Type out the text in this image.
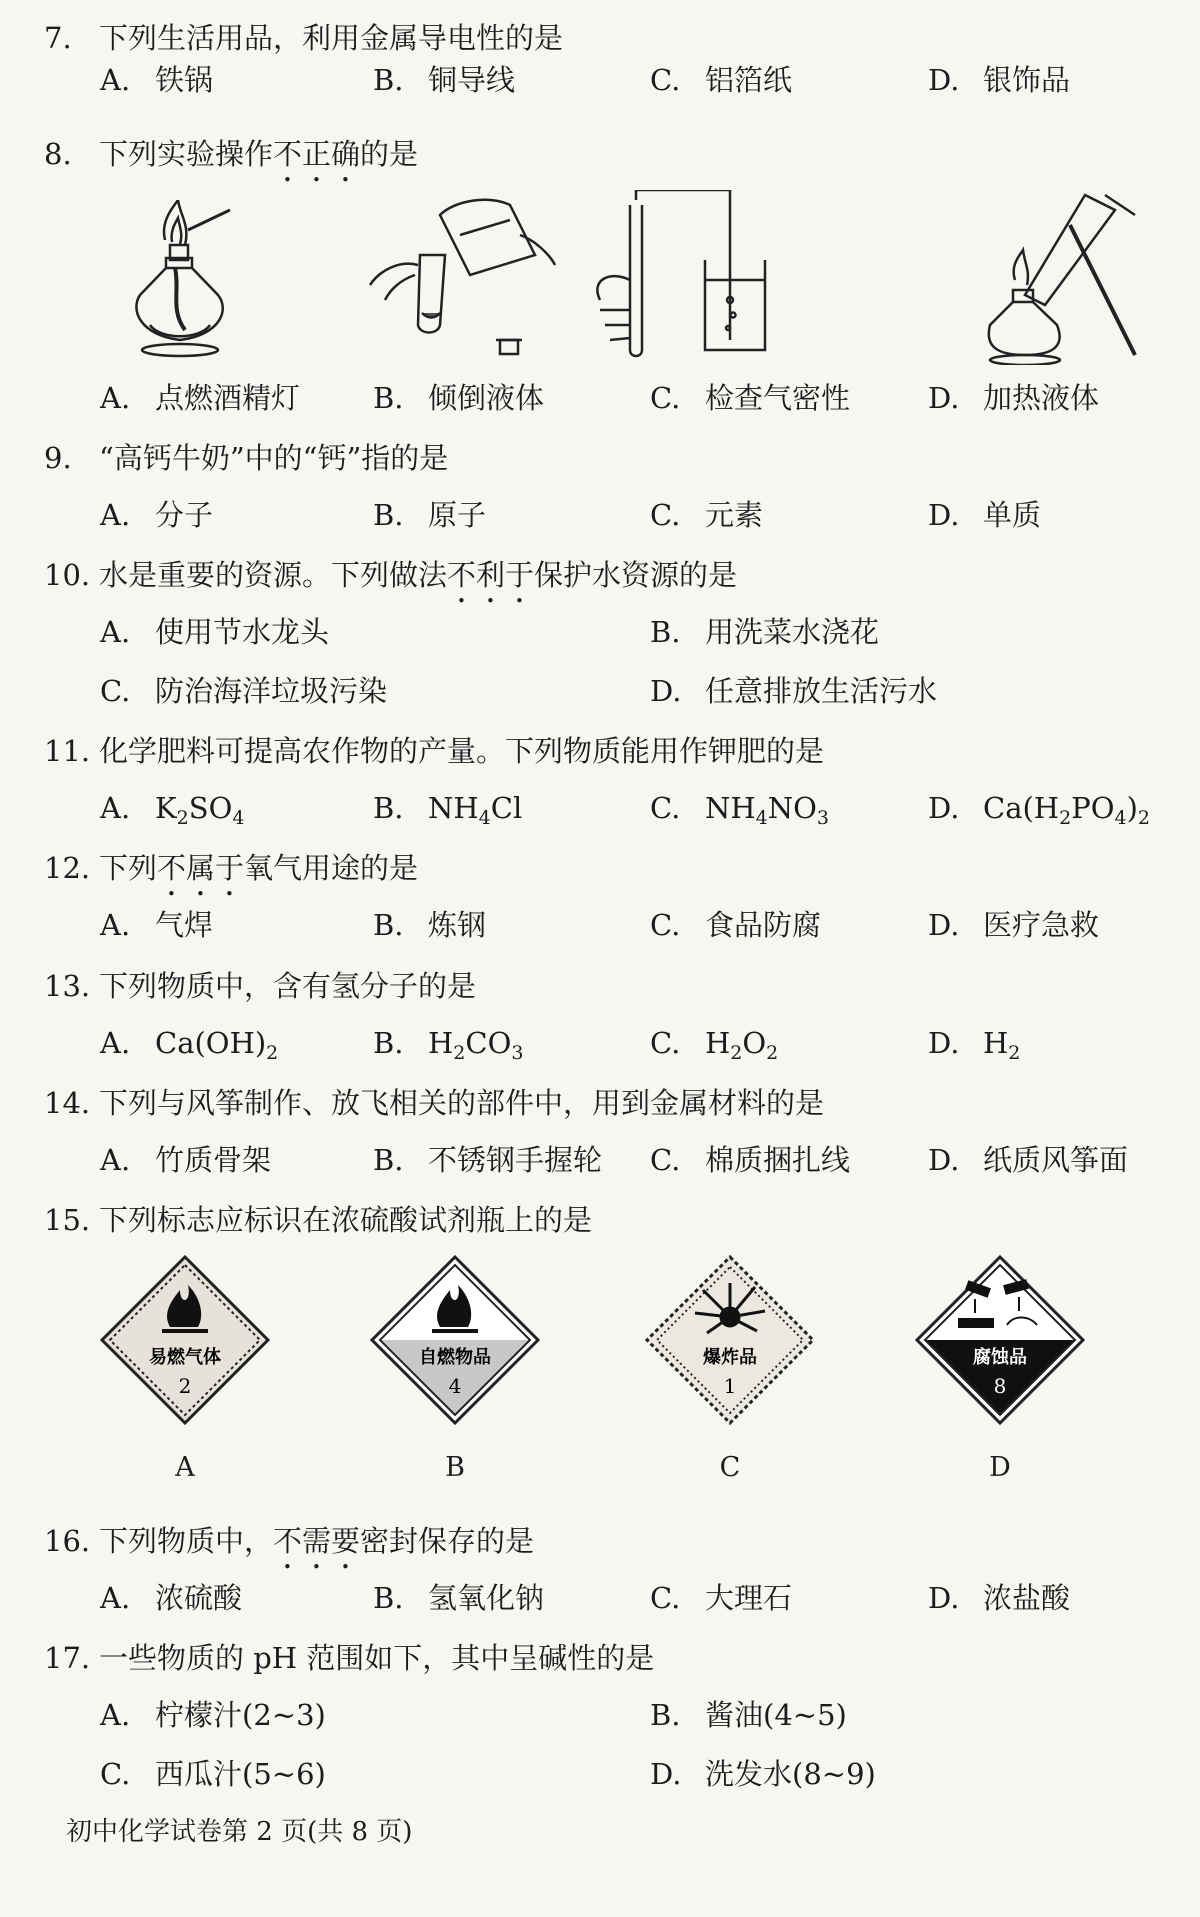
7. 下列生活用品，利用金属导电性的是
A. 铁锅	B. 铜导线	C. 铝箔纸	D. 银饰品
8. 下列实验操作不正确的是
A. 点燃酒精灯	B. 倾倒液体	C. 检查气密性	D. 加热液体
9. “高钙牛奶”中的“钙”指的是
A. 分子	B. 原子	C. 元素	D. 单质
10. 水是重要的资源。下列做法不利于保护水资源的是
A. 使用节水龙头	B. 用洗菜水浇花
C. 防治海洋垃圾污染	D. 任意排放生活污水
11. 化学肥料可提高农作物的产量。下列物质能用作钾肥的是
A. $K_2SO_4$	B. $NH_4Cl$	C. $NH_4NO_3$	D. $Ca(H_2PO_4)_2$
12. 下列不属于氧气用途的是
A. 气焊	B. 炼钢	C. 食品防腐	D. 医疗急救
13. 下列物质中，含有氢分子的是
A. $Ca(OH)_2$	B. $H_2CO_3$	C. $H_2O_2$	D. $H_2$
14. 下列与风筝制作、放飞相关的部件中，用到金属材料的是
A. 竹质骨架	B. 不锈钢手握轮 C. 棉质捆扎线	D. 纸质风筝面
15. 下列标志应标识在浓硫酸试剂瓶上的是
易燃气体
2
自燃物品
4
爆炸品
1
腐蚀品
8
A	B	C	D
16. 下列物质中，不需要密封保存的是
A. 浓硫酸	B. 氢氧化钠	C. 大理石	D. 浓盐酸
17. 一些物质的 pH 范围如下，其中呈碱性的是
A. 柠檬汁(2~3)	B. 酱油(4~5)
C. 西瓜汁(5~6)	D. 洗发水(8~9)
初中化学试卷第 2 页(共 8 页)
